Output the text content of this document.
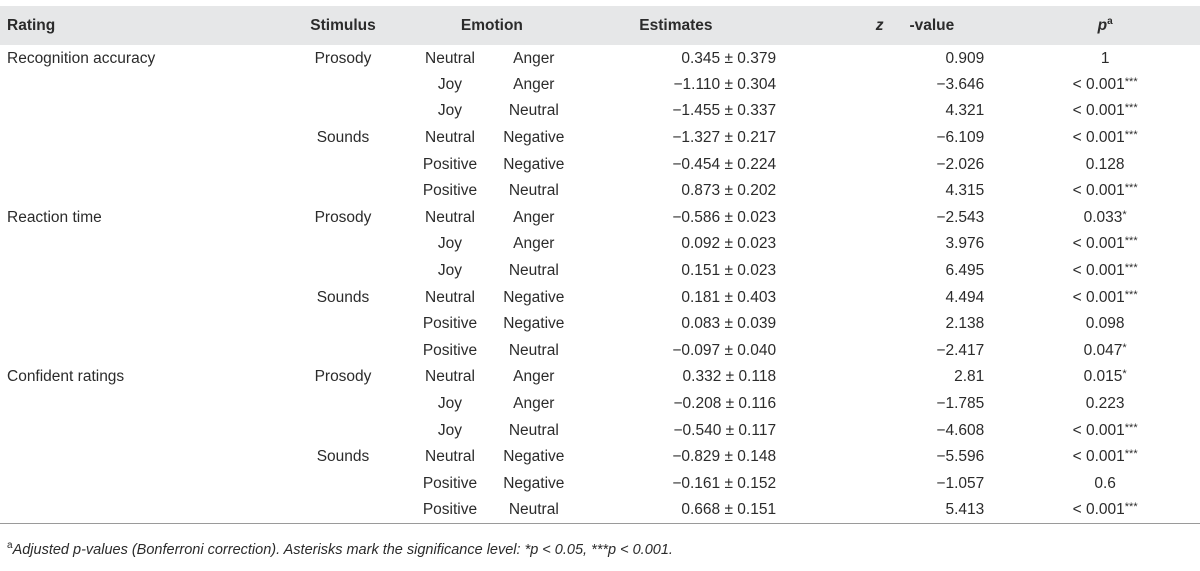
Rating	Stimulus	Emotion		Estimates	z -value	$p^a$
Recognition accuracy	Prosody	Neutral	Anger	0.345 ± 0.379	0.909	1
		Joy	Anger	−1.110 ± 0.304	−3.646	< 0.001***
		Joy	Neutral	−1.455 ± 0.337	4.321	< 0.001***
	Sounds	Neutral	Negative	−1.327 ± 0.217	−6.109	< 0.001***
		Positive	Negative	−0.454 ± 0.224	−2.026	0.128
		Positive	Neutral	0.873 ± 0.202	4.315	< 0.001***
Reaction time	Prosody	Neutral	Anger	−0.586 ± 0.023	−2.543	0.033*
		Joy	Anger	0.092 ± 0.023	3.976	< 0.001***
		Joy	Neutral	0.151 ± 0.023	6.495	< 0.001***
	Sounds	Neutral	Negative	0.181 ± 0.403	4.494	< 0.001***
		Positive	Negative	0.083 ± 0.039	2.138	0.098
		Positive	Neutral	−0.097 ± 0.040	−2.417	0.047*
Confident ratings	Prosody	Neutral	Anger	0.332 ± 0.118	2.81	0.015*
		Joy	Anger	−0.208 ± 0.116	−1.785	0.223
		Joy	Neutral	−0.540 ± 0.117	−4.608	< 0.001***
	Sounds	Neutral	Negative	−0.829 ± 0.148	−5.596	< 0.001***
		Positive	Negative	−0.161 ± 0.152	−1.057	0.6
		Positive	Neutral	0.668 ± 0.151	5.413	< 0.001***
$^a$Adjusted p-values (Bonferroni correction). Asterisks mark the significance level: *p < 0.05, ***p < 0.001.
